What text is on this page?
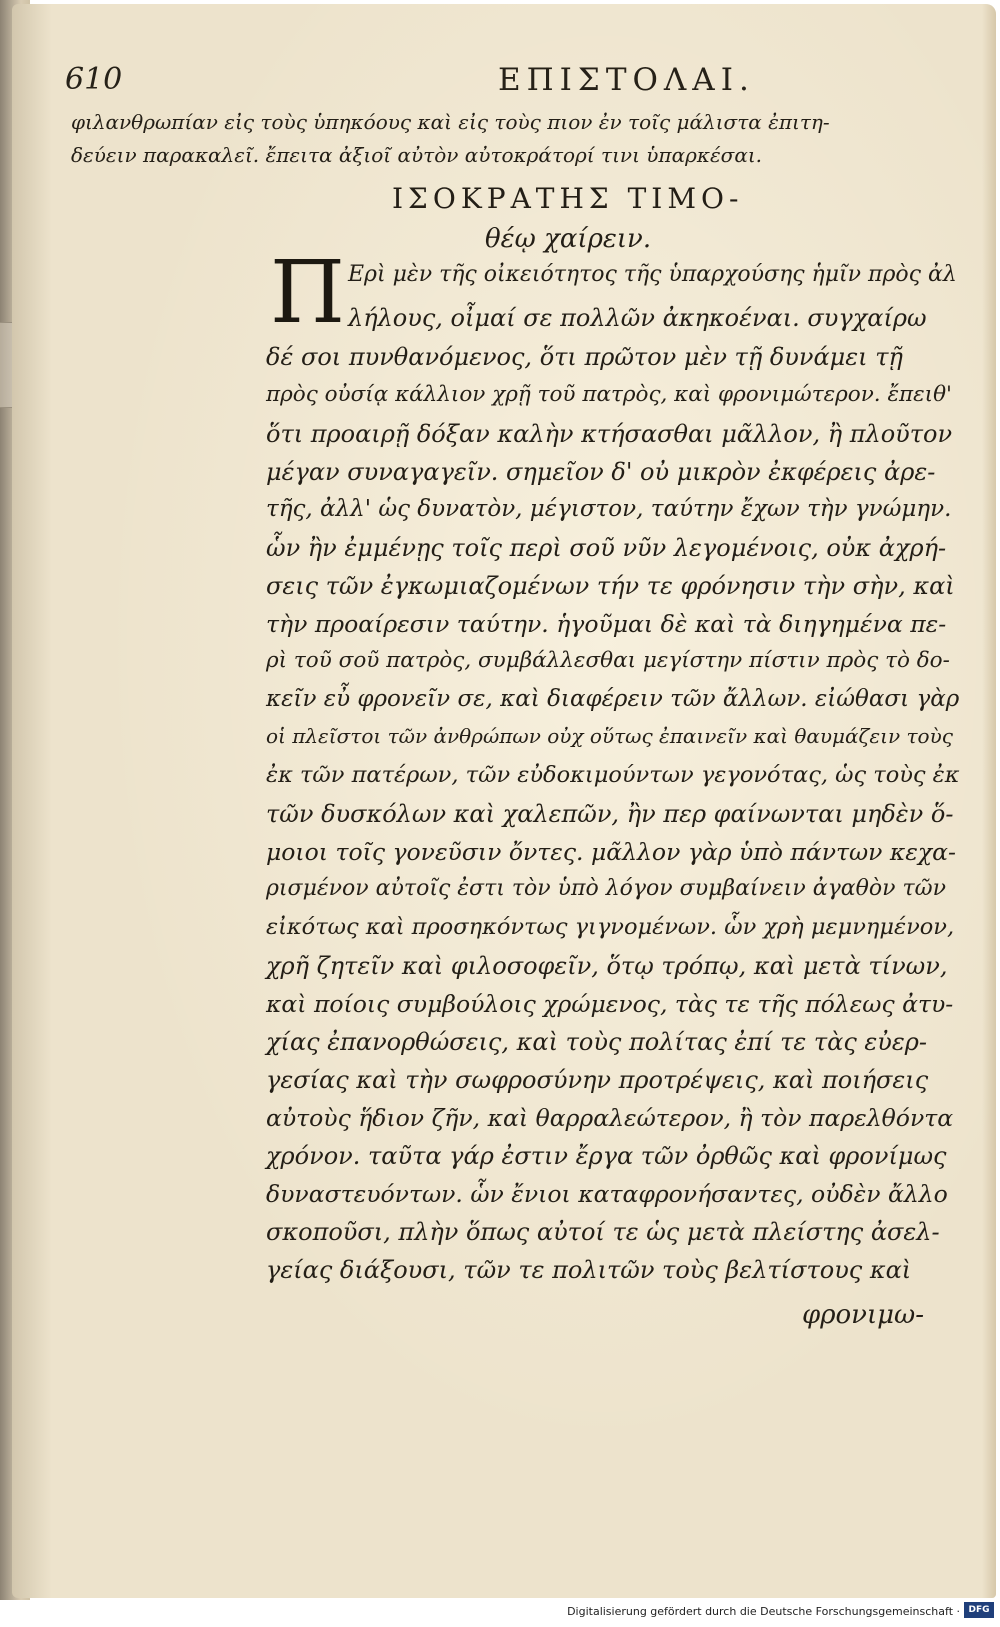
610	ΕΠΙΣΤΟΛΑΙ.
φιλανθρωπίαν εἰς τοὺς ὑπηκόους καὶ εἰς τοὺς πιον ἐν τοῖς μάλιστα ἐπιτη-
δεύειν παρακαλεῖ. ἔπειτα ἀξιοῖ αὐτὸν αὐτοκράτορί τινι ὑπαρκέσαι.
ΙΣΟΚΡΑΤΗΣ ΤΙΜΟ-
θέῳ χαίρειν.
Π Ερὶ μὲν τῆς οἰκειότητος τῆς ὑπαρχούσης ἡμῖν πρὸς ἀλ
λήλους, οἶμαί σε πολλῶν ἀκηκοέναι. συγχαίρω
δέ σοι πυνθανόμενος, ὅτι πρῶτον μὲν τῇ δυνάμει τῇ
πρὸς οὐσίᾳ κάλλιον χρῇ τοῦ πατρὸς, καὶ φρονιμώτερον. ἔπειθ'
ὅτι προαιρῇ δόξαν καλὴν κτήσασθαι μᾶλλον, ἢ πλοῦτον
μέγαν συναγαγεῖν. σημεῖον δ' οὐ μικρὸν ἐκφέρεις ἀρε-
τῆς, ἀλλ' ὡς δυνατὸν, μέγιστον, ταύτην ἔχων τὴν γνώμην.
ὧν ἢν ἐμμένῃς τοῖς περὶ σοῦ νῦν λεγομένοις, οὐκ ἀχρή-
σεις τῶν ἐγκωμιαζομένων τήν τε φρόνησιν τὴν σὴν, καὶ
τὴν προαίρεσιν ταύτην. ἡγοῦμαι δὲ καὶ τὰ διηγημένα πε-
ρὶ τοῦ σοῦ πατρὸς, συμβάλλεσθαι μεγίστην πίστιν πρὸς τὸ δο-
κεῖν εὖ φρονεῖν σε, καὶ διαφέρειν τῶν ἄλλων. εἰώθασι γὰρ
οἱ πλεῖστοι τῶν ἀνθρώπων οὐχ οὕτως ἐπαινεῖν καὶ θαυμάζειν τοὺς
ἐκ τῶν πατέρων, τῶν εὐδοκιμούντων γεγονότας, ὡς τοὺς ἐκ
τῶν δυσκόλων καὶ χαλεπῶν, ἢν περ φαίνωνται μηδὲν ὅ-
μοιοι τοῖς γονεῦσιν ὄντες. μᾶλλον γὰρ ὑπὸ πάντων κεχα-
ρισμένον αὐτοῖς ἐστι τὸν ὑπὸ λόγον συμβαίνειν ἀγαθὸν τῶν
εἰκότως καὶ προσηκόντως γιγνομένων. ὧν χρὴ μεμνημένον,
χρῆ ζητεῖν καὶ φιλοσοφεῖν, ὅτῳ τρόπῳ, καὶ μετὰ τίνων,
καὶ ποίοις συμβούλοις χρώμενος, τὰς τε τῆς πόλεως ἀτυ-
χίας ἐπανορθώσεις, καὶ τοὺς πολίτας ἐπί τε τὰς εὐερ-
γεσίας καὶ τὴν σωφροσύνην προτρέψεις, καὶ ποιήσεις
αὐτοὺς ἥδιον ζῆν, καὶ θαρραλεώτερον, ἢ τὸν παρελθόντα
χρόνον. ταῦτα γάρ ἐστιν ἔργα τῶν ὀρθῶς καὶ φρονίμως
δυναστευόντων. ὧν ἔνιοι καταφρονήσαντες, οὐδὲν ἄλλο
σκοποῦσι, πλὴν ὅπως αὐτοί τε ὡς μετὰ πλείστης ἀσελ-
γείας διάξουσι, τῶν τε πολιτῶν τοὺς βελτίστους καὶ
φρονιμω-
Digitalisierung gefördert durch die Deutsche Forschungsgemeinschaft · DFG
